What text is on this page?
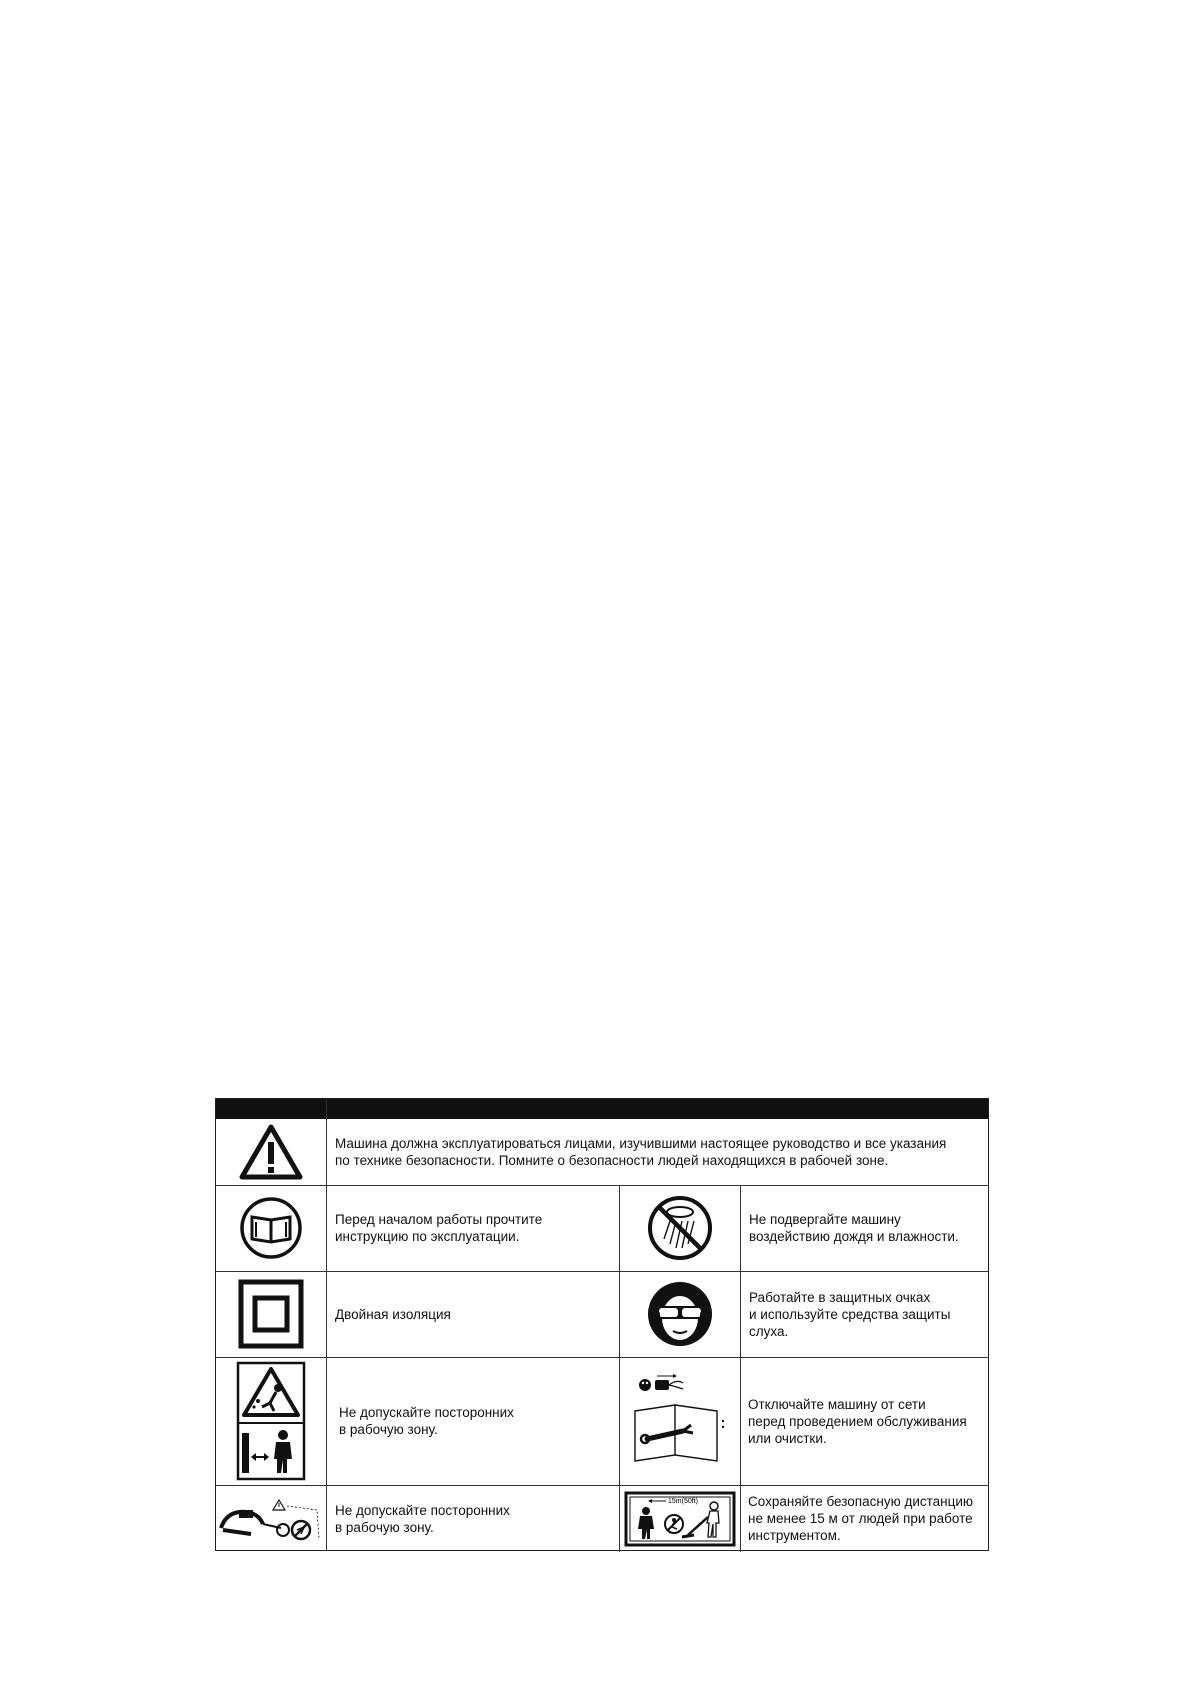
Машина должна эксплуатироваться лицами, изучившими настоящее руководство и все указания
по технике безопасности. Помните о безопасности людей находящихся в рабочей зоне.
Перед началом работы прочтите
инструкцию по эксплуатации.
Не подвергайте машину
воздействию дождя и влажности.
Двойная изоляция
Работайте в защитных очках
и используйте средства защиты
слуха.
Не допускайте посторонних
в рабочую зону.
Отключайте машину от сети
перед проведением обслуживания
или очистки.
Не допускайте посторонних
в рабочую зону.
15m(50ft)	Сохраняйте безопасную дистанцию
не менее 15 м от людей при работе
инструментом.
